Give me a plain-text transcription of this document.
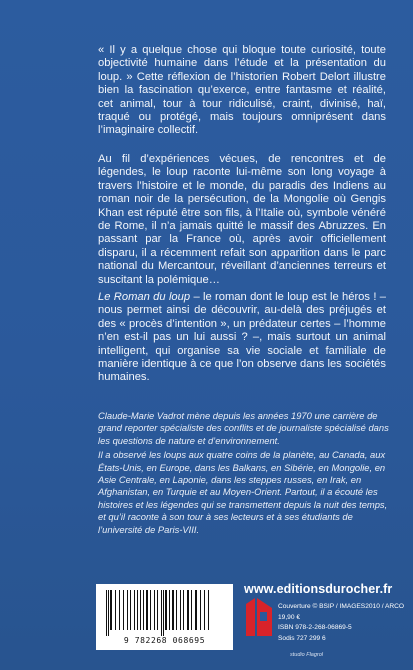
« Il y a quelque chose qui bloque toute curiosité, toute objectivité humaine dans l’étude et la présentation du loup. » Cette réflexion de l’historien Robert Delort illustre bien la fascination qu’exerce, entre fantasme et réalité, cet animal, tour à tour ridiculisé, craint, divinisé, haï, traqué ou protégé, mais toujours omniprésent dans l’imaginaire collectif.

Au fil d’expériences vécues, de rencontres et de légendes, le loup raconte lui-même son long voyage à travers l’histoire et le monde, du paradis des Indiens au roman noir de la persécution, de la Mongolie où Gengis Khan est réputé être son fils, à l’Italie où, symbole vénéré de Rome, il n’a jamais quitté le massif des Abruzzes. En passant par la France où, après avoir officiellement disparu, il a récemment refait son apparition dans le parc national du Mercantour, réveillant d’anciennes terreurs et suscitant la polémique…

Le Roman du loup – le roman dont le loup est le héros ! – nous permet ainsi de découvrir, au-delà des préjugés et des « procès d’intention », un prédateur certes – l’homme n’en est-il pas un lui aussi ? –, mais surtout un animal intelligent, qui organise sa vie sociale et familiale de manière identique à ce que l’on observe dans les sociétés humaines.

Claude-Marie Vadrot mène depuis les années 1970 une carrière de grand reporter spécialiste des conflits et de journaliste spécialisé dans les questions de nature et d’environnement.

Il a observé les loups aux quatre coins de la planète, au Canada, aux États-Unis, en Europe, dans les Balkans, en Sibérie, en Mongolie, en Asie Centrale, en Laponie, dans les steppes russes, en Irak, en Afghanistan, en Turquie et au Moyen-Orient. Partout, il a écouté les histoires et les légendes qui se transmettent depuis la nuit des temps, et qu’il raconte à son tour à ses lecteurs et à ses étudiants de l’université de Paris-VIII.

9 782268 068695
www.editionsdurocher.fr
Couverture © BSIP / IMAGES2010 / ARCO
19,90 €
ISBN 978-2-268-06869-5
Sodis 727 299 6
studio Flagrol
